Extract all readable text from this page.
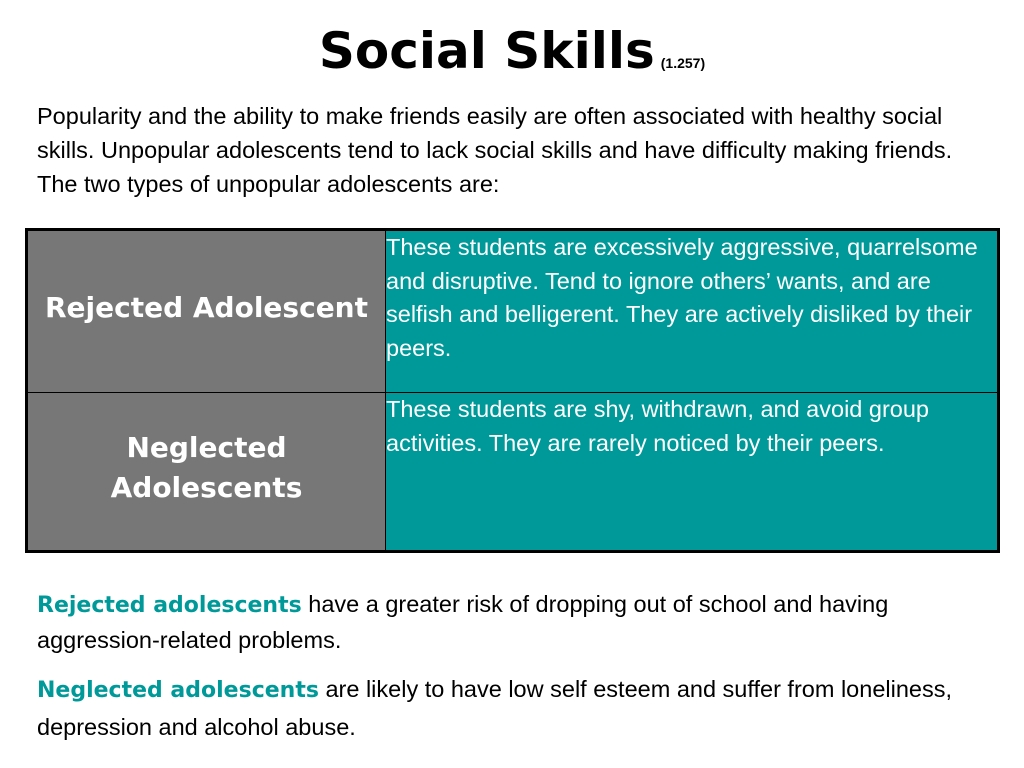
Social Skills (1.257)
Popularity and the ability to make friends easily are often associated with healthy social skills. Unpopular adolescents tend to lack social skills and have difficulty making friends. The two types of unpopular adolescents are:
Rejected Adolescent	These students are excessively aggressive, quarrelsome and disruptive. Tend to ignore others’ wants, and are selfish and belligerent. They are actively disliked by their peers.

Neglected Adolescents	These students are shy, withdrawn, and avoid group activities. They are rarely noticed by their peers.
Rejected adolescents have a greater risk of dropping out of school and having aggression-related problems.
Neglected adolescents are likely to have low self esteem and suffer from loneliness, depression and alcohol abuse.
